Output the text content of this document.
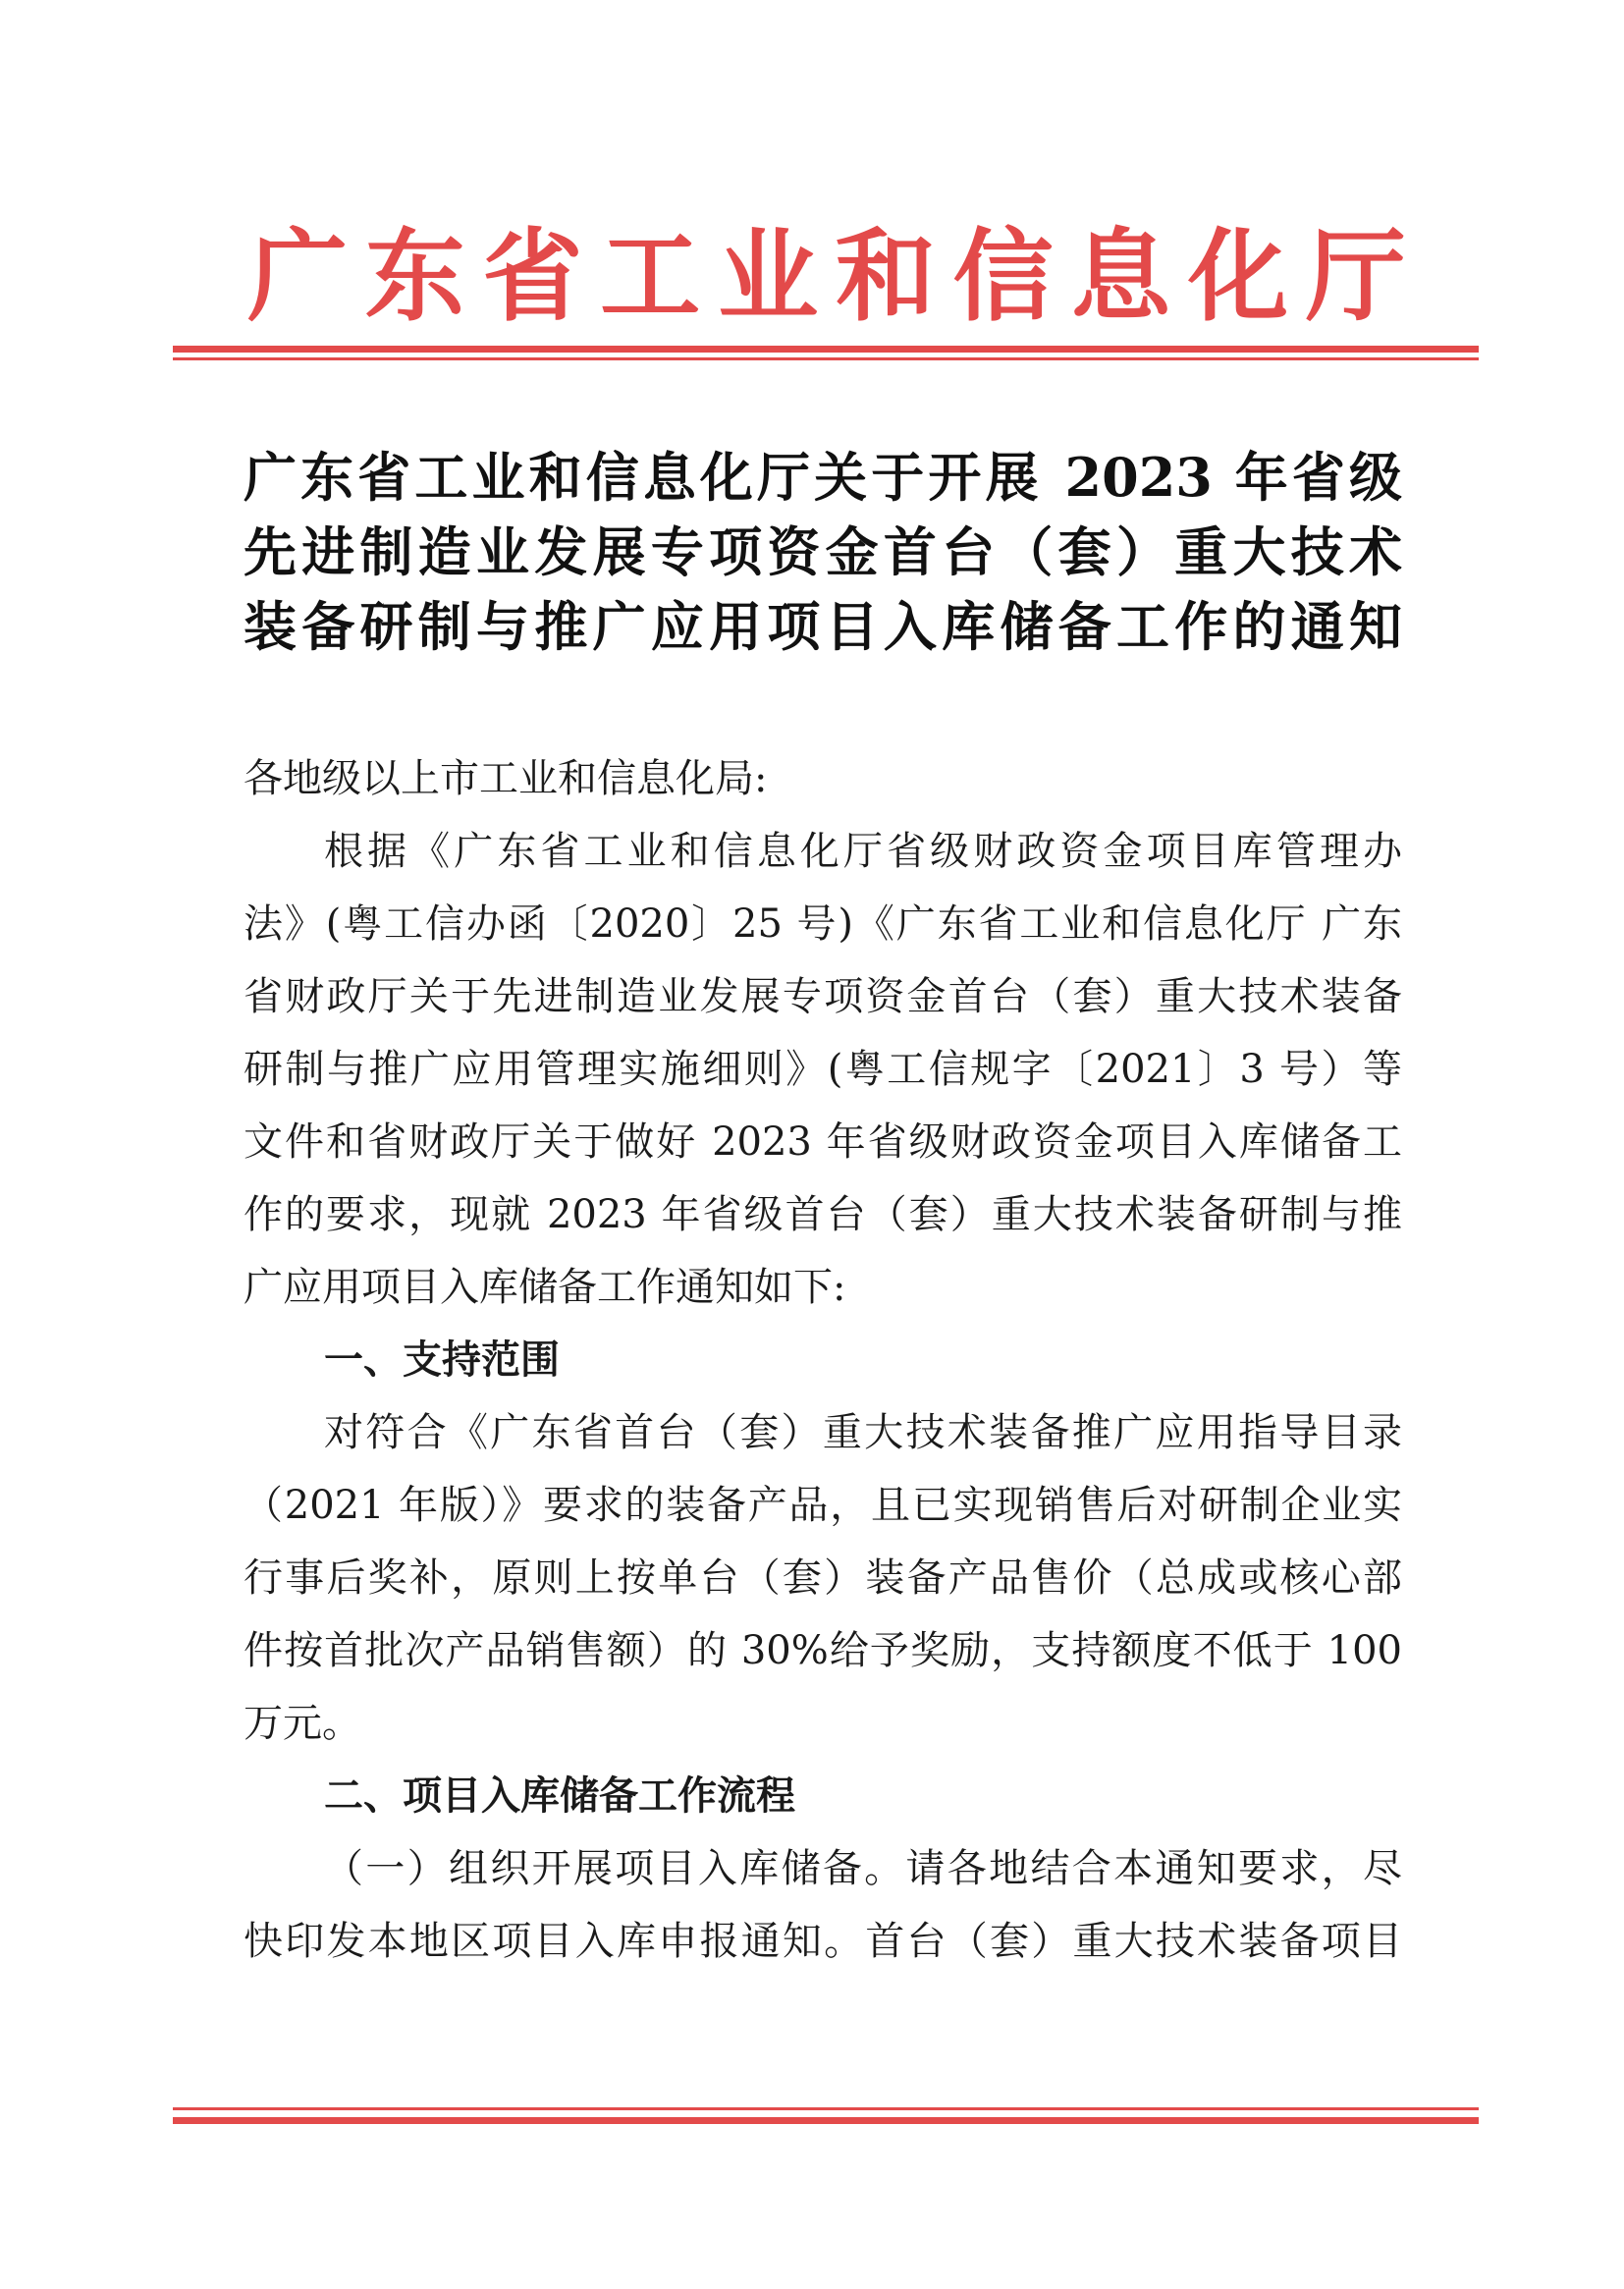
广 东 省 工 业 和 信 息 化 厅
广东省工业和信息化厅关于开展 2023 年省级
先进制造业发展专项资金首台（套）重大技术
装备研制与推广应用项目入库储备工作的通知
各地级以上市工业和信息化局:
根据《广东省工业和信息化厅省级财政资金项目库管理办
法》(粤工信办函〔2020〕25 号)《广东省工业和信息化厅 广东
省财政厅关于先进制造业发展专项资金首台（套）重大技术装备
研制与推广应用管理实施细则》(粤工信规字〔2021〕3 号）等
文件和省财政厅关于做好 2023 年省级财政资金项目入库储备工
作的要求，现就 2023 年省级首台（套）重大技术装备研制与推
广应用项目入库储备工作通知如下:
一、支持范围
对符合《广东省首台（套）重大技术装备推广应用指导目录
（2021 年版）》要求的装备产品，且已实现销售后对研制企业实
行事后奖补，原则上按单台（套）装备产品售价（总成或核心部
件按首批次产品销售额）的 30%给予奖励，支持额度不低于 100
万元。
二、项目入库储备工作流程
（一）组织开展项目入库储备。请各地结合本通知要求，尽
快印发本地区项目入库申报通知。首台（套）重大技术装备项目
